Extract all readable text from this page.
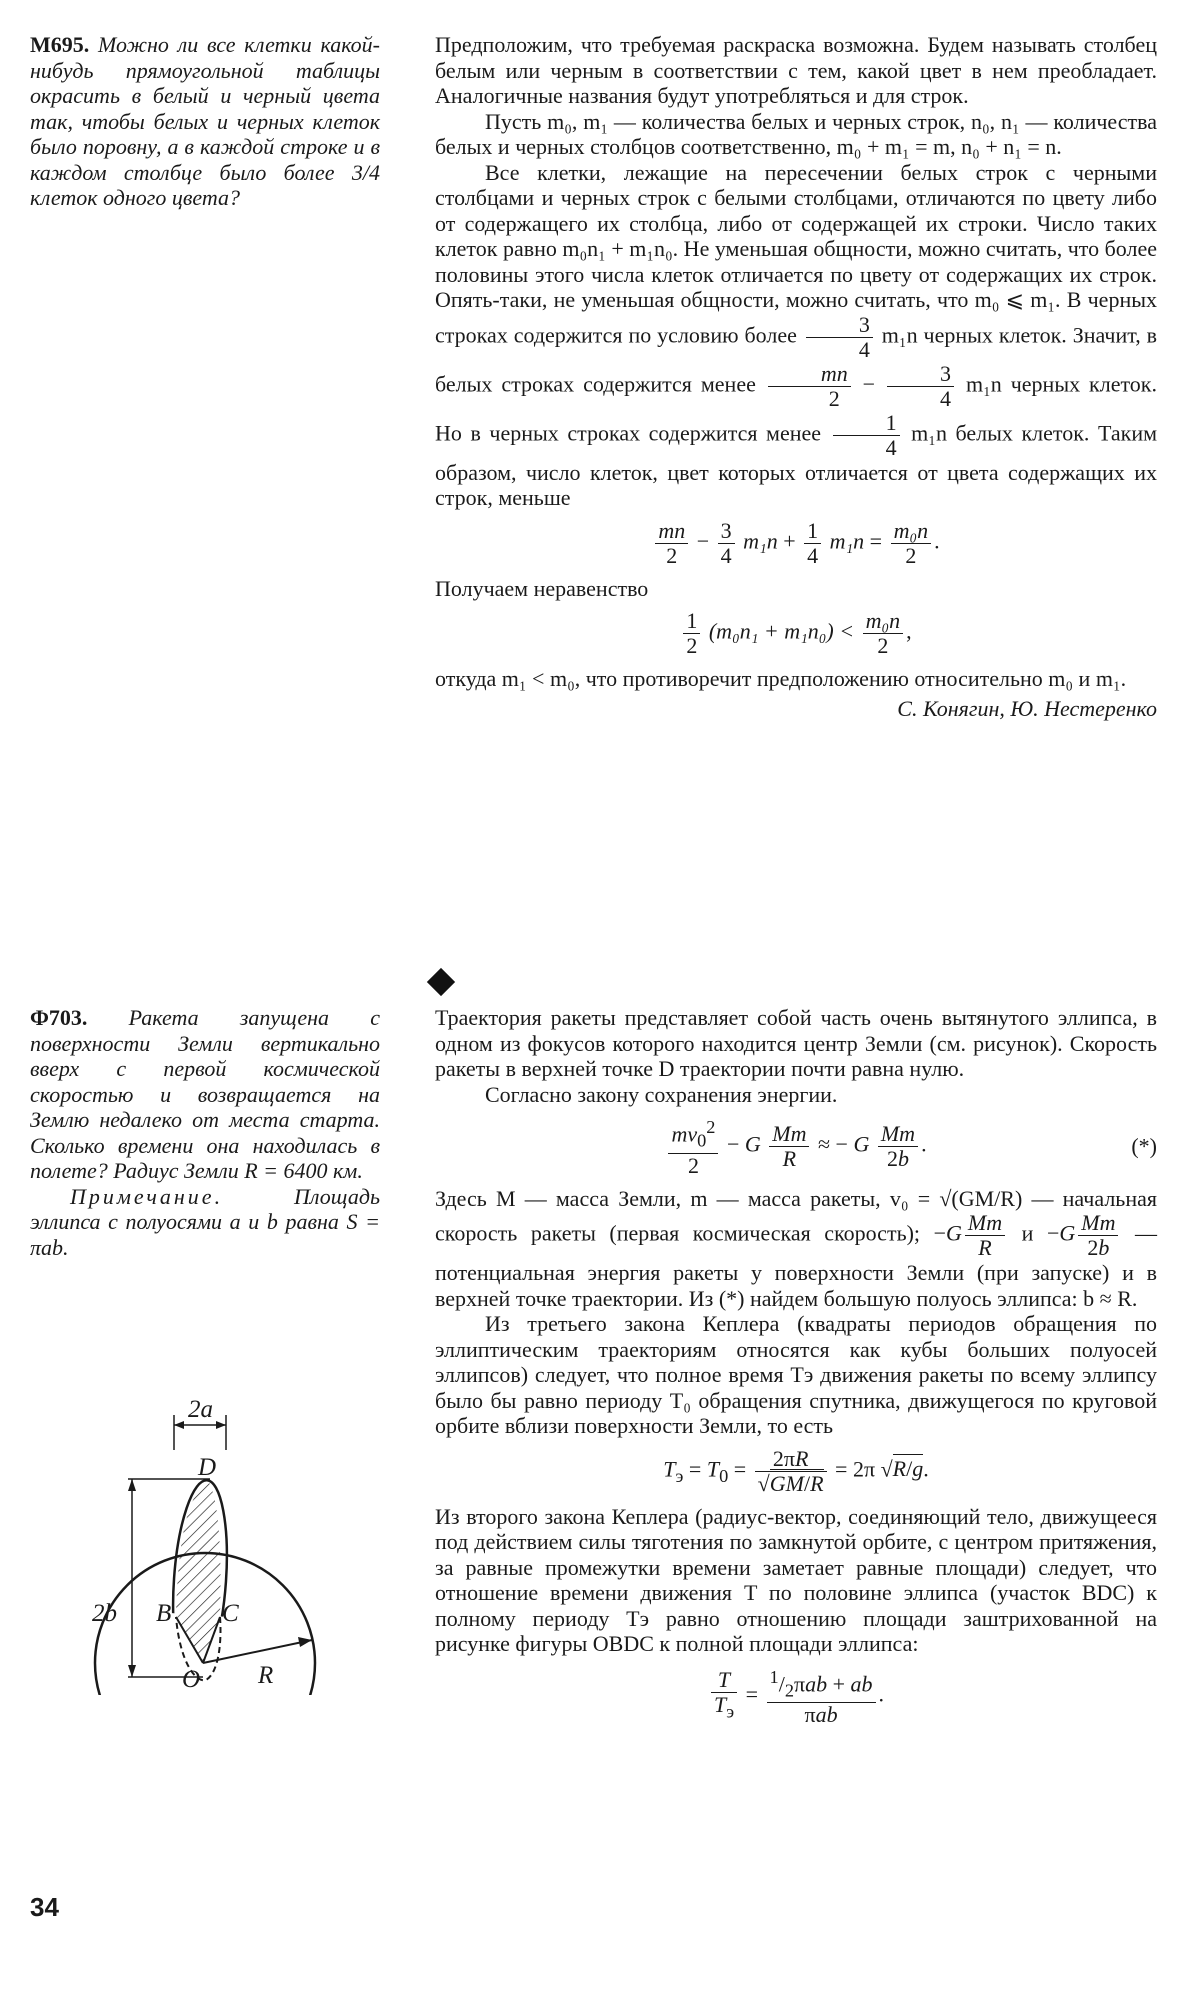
М695. Можно ли все клетки какой-нибудь прямоугольной таблицы окрасить в белый и черный цвета так, чтобы белых и черных клеток было поровну, а в каждой строке и в каждом столбце было более 3/4 клеток одного цвета?

Предположим, что требуемая раскраска возможна. Будем называть столбец белым или черным в соответствии с тем, какой цвет в нем преобладает. Аналогичные названия будут употребляться и для строк.

Пусть m₀, m₁ — количества белых и черных строк, n₀, n₁ — количества белых и черных столбцов соответственно, m₀ + m₁ = m, n₀ + n₁ = n.

Все клетки, лежащие на пересечении белых строк с черными столбцами и черных строк с белыми столбцами, отличаются по цвету либо от содержащего их столбца, либо от содержащей их строки. Число таких клеток равно m₀n₁ + m₁n₀. Не уменьшая общности, можно считать, что более половины этого числа клеток отличается по цвету от содержащих их строк. Опять-таки, не уменьшая общности, можно считать, что m₀ ⩽ m₁. В черных строках содержится по условию более $\frac{3}{4} m_1n$ черных клеток. Значит, в белых строках содержится менее $\frac{mn}{2} - \frac{3}{4} m_1n$ черных клеток. Но в черных строках содержится менее $\frac{1}{4} m_1n$ белых клеток. Таким образом, число клеток, цвет которых отличается от цвета содержащих их строк, меньше

$\frac{mn}{2} - \frac{3}{4} m_1n + \frac{1}{4} m_1n = \frac{\text{m₀n}}{2}$ .

Получаем неравенство

$\frac{1}{2} (m_0n_1 + m_1n_0) < \frac{\text{m₀n}}{2}$ ,

откуда m₁ < m₀, что противоречит предположению относительно m₀ и m₁.

С. Конягин, Ю. Нестеренко
Ф703. Ракета запущена с поверхности Земли вертикально вверх с первой космической скоростью и возвращается на Землю недалеко от места старта. Сколько времени она находилась в полете? Радиус Земли R = 6400 км.
Примечание.	Площадь эллипса с полуосями a и b равна S = πab.
2a
2b
D
B C
O R

Траектория ракеты представляет собой часть очень вытянутого эллипса, в одном из фокусов которого находится центр Земли (см. рисунок). Скорость ракеты в верхней точке D траектории почти равна нулю.

Согласно закону сохранения энергии.

$\frac{mv_0^2}{2} - G \frac{Mm}{R}$ ≈ − G $\frac{Mm}{2b}$ .	(*)

Здесь M — масса Земли, m — масса ракеты, v₀ = √(GM/R) — начальная скорость ракеты (первая космическая скорость); $-G \frac{Mm}{R}$ $и -G \frac{Mm}{2b}$ — потенциальная энергия ракеты у поверхности Земли (при запуске) и в верхней точке траектории. Из (*) найдем большую полуось эллипса: b ≈ R.

Из третьего закона Кеплера (квадраты периодов обращения по эллиптическим траекториям относятся как кубы больших полуосей эллипсов) следует, что полное время Tэ движения ракеты по всему эллипсу было бы равно периоду T₀ обращения спутника, движущегося по круговой орбите вблизи поверхности Земли, то есть

$T_э = T_0 = \frac{2\pi R}{√GM/R} = 2\pi$ √R/g.

Из второго закона Кеплера (радиус-вектор, соединяющий тело, движущееся под действием силы тяготения по замкнутой орбите, с центром притяжения, за равные промежутки времени заметает равные площади) следует, что отношение времени движения T по половине эллипса (участок BDC) к полному периоду Tэ равно отношению площади заштрихованной на рисунке фигуры OBDC к полной площади эллипса:

$\frac{T}{T_э} = \frac{^1/_2\pi ab + ab}{\text{πab}}$ .
34
